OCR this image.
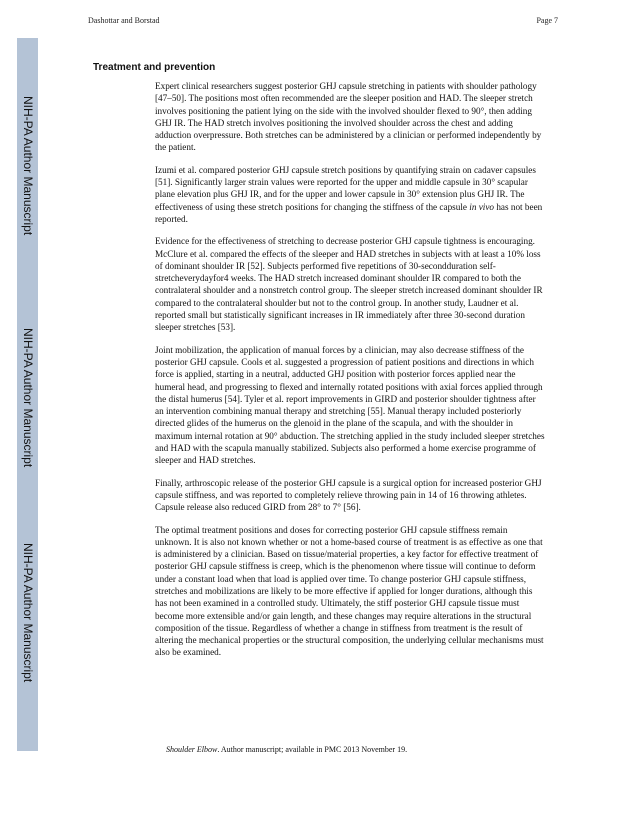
NIH-PA Author Manuscript
NIH-PA Author Manuscript
NIH-PA Author Manuscript
Dashottar and Borstad	Page 7
Treatment and prevention

Expert clinical researchers suggest posterior GHJ capsule stretching in patients with shoulder pathology [47–50]. The positions most often recommended are the sleeper position and HAD. The sleeper stretch involves positioning the patient lying on the side with the involved shoulder flexed to 90°, then adding GHJ IR. The HAD stretch involves positioning the involved shoulder across the chest and adding adduction overpressure. Both stretches can be administered by a clinician or performed independently by the patient.

Izumi et al. compared posterior GHJ capsule stretch positions by quantifying strain on cadaver capsules [51]. Significantly larger strain values were reported for the upper and middle capsule in 30° scapular plane elevation plus GHJ IR, and for the upper and lower capsule in 30° extension plus GHJ IR. The effectiveness of using these stretch positions for changing the stiffness of the capsule in vivo has not been reported.

Evidence for the effectiveness of stretching to decrease posterior GHJ capsule tightness is encouraging. McClure et al. compared the effects of the sleeper and HAD stretches in subjects with at least a 10% loss of dominant shoulder IR [52]. Subjects performed five repetitions of 30-secondduration self-stretcheverydayfor4 weeks. The HAD stretch increased dominant shoulder IR compared to both the contralateral shoulder and a nonstretch control group. The sleeper stretch increased dominant shoulder IR compared to the contralateral shoulder but not to the control group. In another study, Laudner et al. reported small but statistically significant increases in IR immediately after three 30-second duration sleeper stretches [53].

Joint mobilization, the application of manual forces by a clinician, may also decrease stiffness of the posterior GHJ capsule. Cools et al. suggested a progression of patient positions and directions in which force is applied, starting in a neutral, adducted GHJ position with posterior forces applied near the humeral head, and progressing to flexed and internally rotated positions with axial forces applied through the distal humerus [54]. Tyler et al. report improvements in GIRD and posterior shoulder tightness after an intervention combining manual therapy and stretching [55]. Manual therapy included posteriorly directed glides of the humerus on the glenoid in the plane of the scapula, and with the shoulder in maximum internal rotation at 90° abduction. The stretching applied in the study included sleeper stretches and HAD with the scapula manually stabilized. Subjects also performed a home exercise programme of sleeper and HAD stretches.

Finally, arthroscopic release of the posterior GHJ capsule is a surgical option for increased posterior GHJ capsule stiffness, and was reported to completely relieve throwing pain in 14 of 16 throwing athletes. Capsule release also reduced GIRD from 28° to 7° [56].

The optimal treatment positions and doses for correcting posterior GHJ capsule stiffness remain unknown. It is also not known whether or not a home-based course of treatment is as effective as one that is administered by a clinician. Based on tissue/material properties, a key factor for effective treatment of posterior GHJ capsule stiffness is creep, which is the phenomenon where tissue will continue to deform under a constant load when that load is applied over time. To change posterior GHJ capsule stiffness, stretches and mobilizations are likely to be more effective if applied for longer durations, although this has not been examined in a controlled study. Ultimately, the stiff posterior GHJ capsule tissue must become more extensible and/or gain length, and these changes may require alterations in the structural composition of the tissue. Regardless of whether a change in stiffness from treatment is the result of altering the mechanical properties or the structural composition, the underlying cellular mechanisms must also be examined.

Shoulder Elbow. Author manuscript; available in PMC 2013 November 19.
